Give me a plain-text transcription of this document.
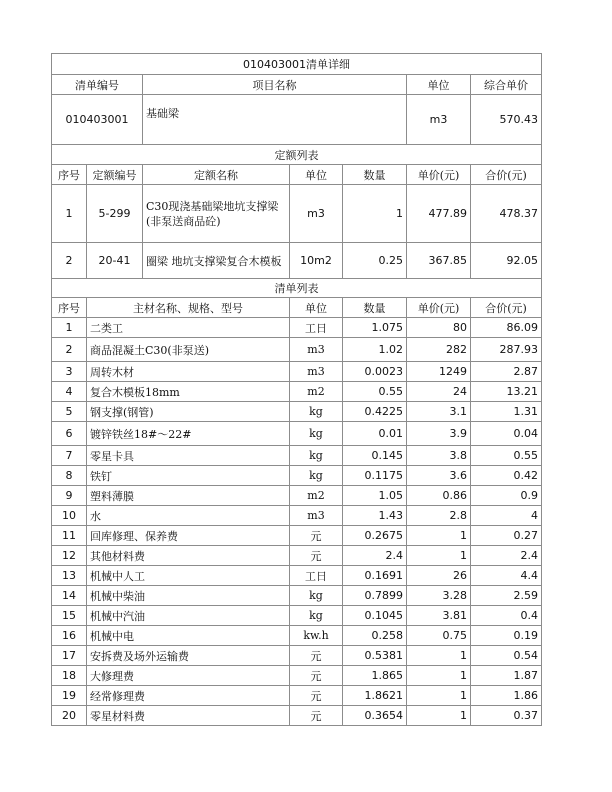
010403001清单详细						
清单编号		项目名称			单位	综合单价
010403001		基础梁			m3	570.43
定额列表						
序号	定额编号	定额名称	单位	数量	单价(元)	合价(元)
1	5-299	C30现浇基础梁地坑支撑梁(非泵送商品砼)	m3	1	477.89	478.37
2	20-41	圈梁 地坑支撑梁复合木模板	10m2	0.25	367.85	92.05
清单列表						
序号	主材名称、规格、型号		单位	数量	单价(元)	合价(元)
1	二类工		工日	1.075	80	86.09
2	商品混凝土C30(非泵送)		m3	1.02	282	287.93
3	周转木材		m3	0.0023	1249	2.87
4	复合木模板18mm		m2	0.55	24	13.21
5	钢支撑(钢管)		kg	0.4225	3.1	1.31
6	镀锌铁丝18#～22#		kg	0.01	3.9	0.04
7	零星卡具		kg	0.145	3.8	0.55
8	铁钉		kg	0.1175	3.6	0.42
9	塑料薄膜		m2	1.05	0.86	0.9
10	水		m3	1.43	2.8	4
11	回库修理、保养费		元	0.2675	1	0.27
12	其他材料费		元	2.4	1	2.4
13	机械中人工		工日	0.1691	26	4.4
14	机械中柴油		kg	0.7899	3.28	2.59
15	机械中汽油		kg	0.1045	3.81	0.4
16	机械中电		kw.h	0.258	0.75	0.19
17	安拆费及场外运输费		元	0.5381	1	0.54
18	大修理费		元	1.865	1	1.87
19	经常修理费		元	1.8621	1	1.86
20	零星材料费		元	0.3654	1	0.37
